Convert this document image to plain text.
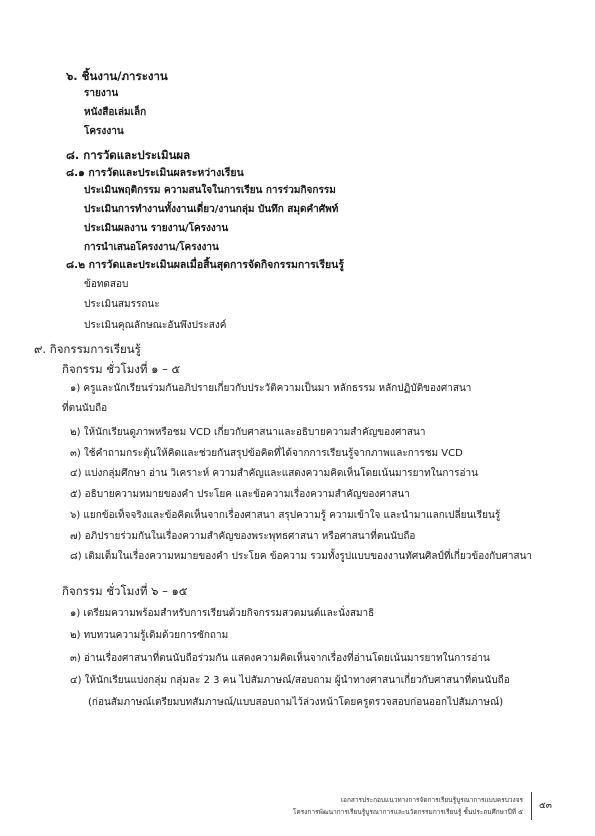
๖. ชิ้นงาน/ภาระงาน
รายงาน
หนังสือเล่มเล็ก
โครงงาน
๘. การวัดและประเมินผล
๘.๑ การวัดและประเมินผลระหว่างเรียน
ประเมินพฤติกรรม ความสนใจในการเรียน การร่วมกิจกรรม
ประเมินการทำงานทั้งงานเดี่ยว/งานกลุ่ม บันทึก สมุดคำศัพท์
ประเมินผลงาน รายงาน/โครงงาน
การนำเสนอโครงงาน/โครงงาน
๘.๒ การวัดและประเมินผลเมื่อสิ้นสุดการจัดกิจกรรมการเรียนรู้
ข้อทดสอบ
ประเมินสมรรถนะ
ประเมินคุณลักษณะอันพึงประสงค์
๙. กิจกรรมการเรียนรู้
กิจกรรม ชั่วโมงที่ ๑ – ๕
๑) ครูและนักเรียนร่วมกันอภิปรายเกี่ยวกับประวัติความเป็นมา หลักธรรม หลักปฏิบัติของศาสนา
ที่ตนนับถือ
๒) ให้นักเรียนดูภาพหรือชม VCD เกี่ยวกับศาสนาและอธิบายความสำคัญของศาสนา
๓) ใช้คำถามกระตุ้นให้คิดและช่วยกันสรุปข้อคิดที่ได้จากการเรียนรู้จากภาพและการชม VCD
๔) แบ่งกลุ่มศึกษา อ่าน วิเคราะห์ ความสำคัญและแสดงความคิดเห็นโดยเน้นมารยาทในการอ่าน
๕) อธิบายความหมายของคำ ประโยค และข้อความเรื่องความสำคัญของศาสนา
๖) แยกข้อเท็จจริงและข้อคิดเห็นจากเรื่องศาสนา สรุปความรู้ ความเข้าใจ และนำมาแลกเปลี่ยนเรียนรู้
๗) อภิปรายร่วมกันในเรื่องความสำคัญของพระพุทธศาสนา หรือศาสนาที่ตนนับถือ
๘) เติมเต็มในเรื่องความหมายของคำ ประโยค ข้อความ รวมทั้งรูปแบบของงานทัศนศิลป์ที่เกี่ยวข้องกับศาสนา
กิจกรรม ชั่วโมงที่ ๖ – ๑๕
๑) เตรียมความพร้อมสำหรับการเรียนด้วยกิจกรรมสวดมนต์และนั่งสมาธิ
๒) ทบทวนความรู้เดิมด้วยการซักถาม
๓) อ่านเรื่องศาสนาที่ตนนับถือร่วมกัน แสดงความคิดเห็นจากเรื่องที่อ่านโดยเน้นมารยาทในการอ่าน
๔) ให้นักเรียนแบ่งกลุ่ม กลุ่มละ 2 3 คน ไปสัมภาษณ์/สอบถาม ผู้นำทางศาสนาเกี่ยวกับศาสนาที่ตนนับถือ
(ก่อนสัมภาษณ์เตรียมบทสัมภาษณ์/แบบสอบถามไว้ล่วงหน้าโดยครูตรวจสอบก่อนออกไปสัมภาษณ์)
เอกสารประกอบแนวทางการจัดการเรียนรู้บูรณาการแบบครบวงจร
โครงการพัฒนาการเรียนรู้บูรณาการและนวัตกรรมการเรียนรู้ ชั้นประถมศึกษาปีที่ ๕
๕๓
